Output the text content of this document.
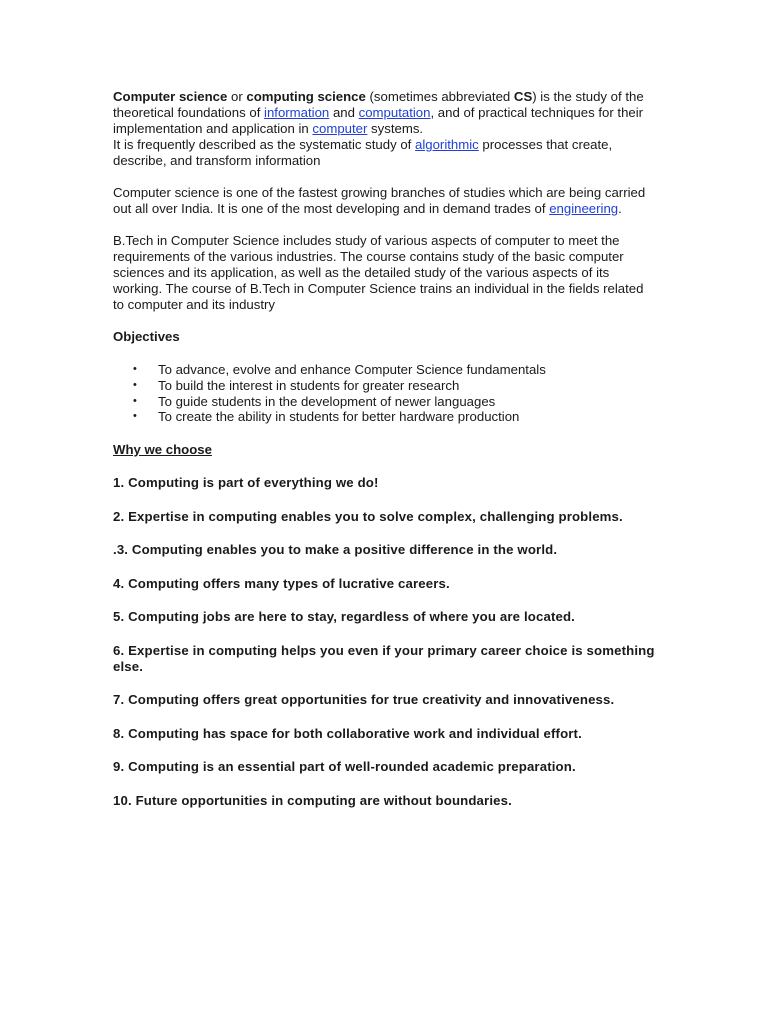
Computer science or computing science (sometimes abbreviated CS) is the study of the theoretical foundations of information and computation, and of practical techniques for their implementation and application in computer systems.
It is frequently described as the systematic study of algorithmic processes that create, describe, and transform information

Computer science is one of the fastest growing branches of studies which are being carried out all over India. It is one of the most developing and in demand trades of engineering.

B.Tech in Computer Science includes study of various aspects of computer to meet the requirements of the various industries. The course contains study of the basic computer sciences and its application, as well as the detailed study of the various aspects of its working. The course of B.Tech in Computer Science trains an individual in the fields related to computer and its industry

Objectives

• To advance, evolve and enhance Computer Science fundamentals
• To build the interest in students for greater research
• To guide students in the development of newer languages
• To create the ability in students for better hardware production

Why we choose

1. Computing is part of everything we do!

2. Expertise in computing enables you to solve complex, challenging problems.

.3. Computing enables you to make a positive difference in the world.

4. Computing offers many types of lucrative careers.

5. Computing jobs are here to stay, regardless of where you are located.

6. Expertise in computing helps you even if your primary career choice is something else.

7. Computing offers great opportunities for true creativity and innovativeness.

8. Computing has space for both collaborative work and individual effort.

9. Computing is an essential part of well-rounded academic preparation.

10. Future opportunities in computing are without boundaries.
